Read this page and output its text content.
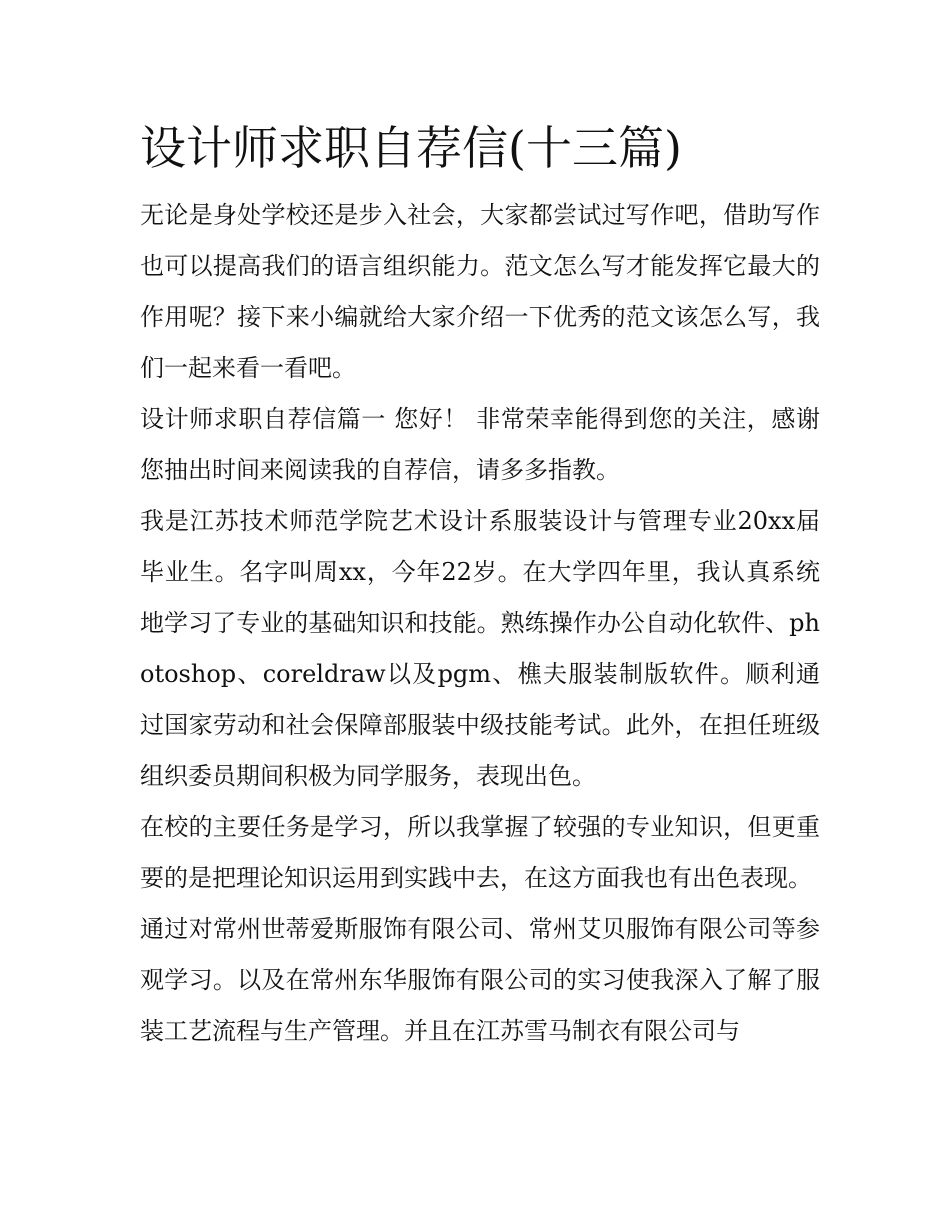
设计师求职自荐信(十三篇)

无论是身处学校还是步入社会，大家都尝试过写作吧，借助写作也可以提高我们的语言组织能力。范文怎么写才能发挥它最大的作用呢？接下来小编就给大家介绍一下优秀的范文该怎么写，我们一起来看一看吧。

设计师求职自荐信篇一 您好！ 非常荣幸能得到您的关注，感谢您抽出时间来阅读我的自荐信，请多多指教。

我是江苏技术师范学院艺术设计系服装设计与管理专业20xx届毕业生。名字叫周xx，今年22岁。在大学四年里，我认真系统地学习了专业的基础知识和技能。熟练操作办公自动化软件、photoshop、coreldraw以及pgm、樵夫服装制版软件。顺利通过国家劳动和社会保障部服装中级技能考试。此外，在担任班级组织委员期间积极为同学服务，表现出色。

在校的主要任务是学习，所以我掌握了较强的专业知识，但更重要的是把理论知识运用到实践中去，在这方面我也有出色表现。

通过对常州世蒂爱斯服饰有限公司、常州艾贝服饰有限公司等参观学习。以及在常州东华服饰有限公司的实习使我深入了解了服装工艺流程与生产管理。并且在江苏雪马制衣有限公司与
